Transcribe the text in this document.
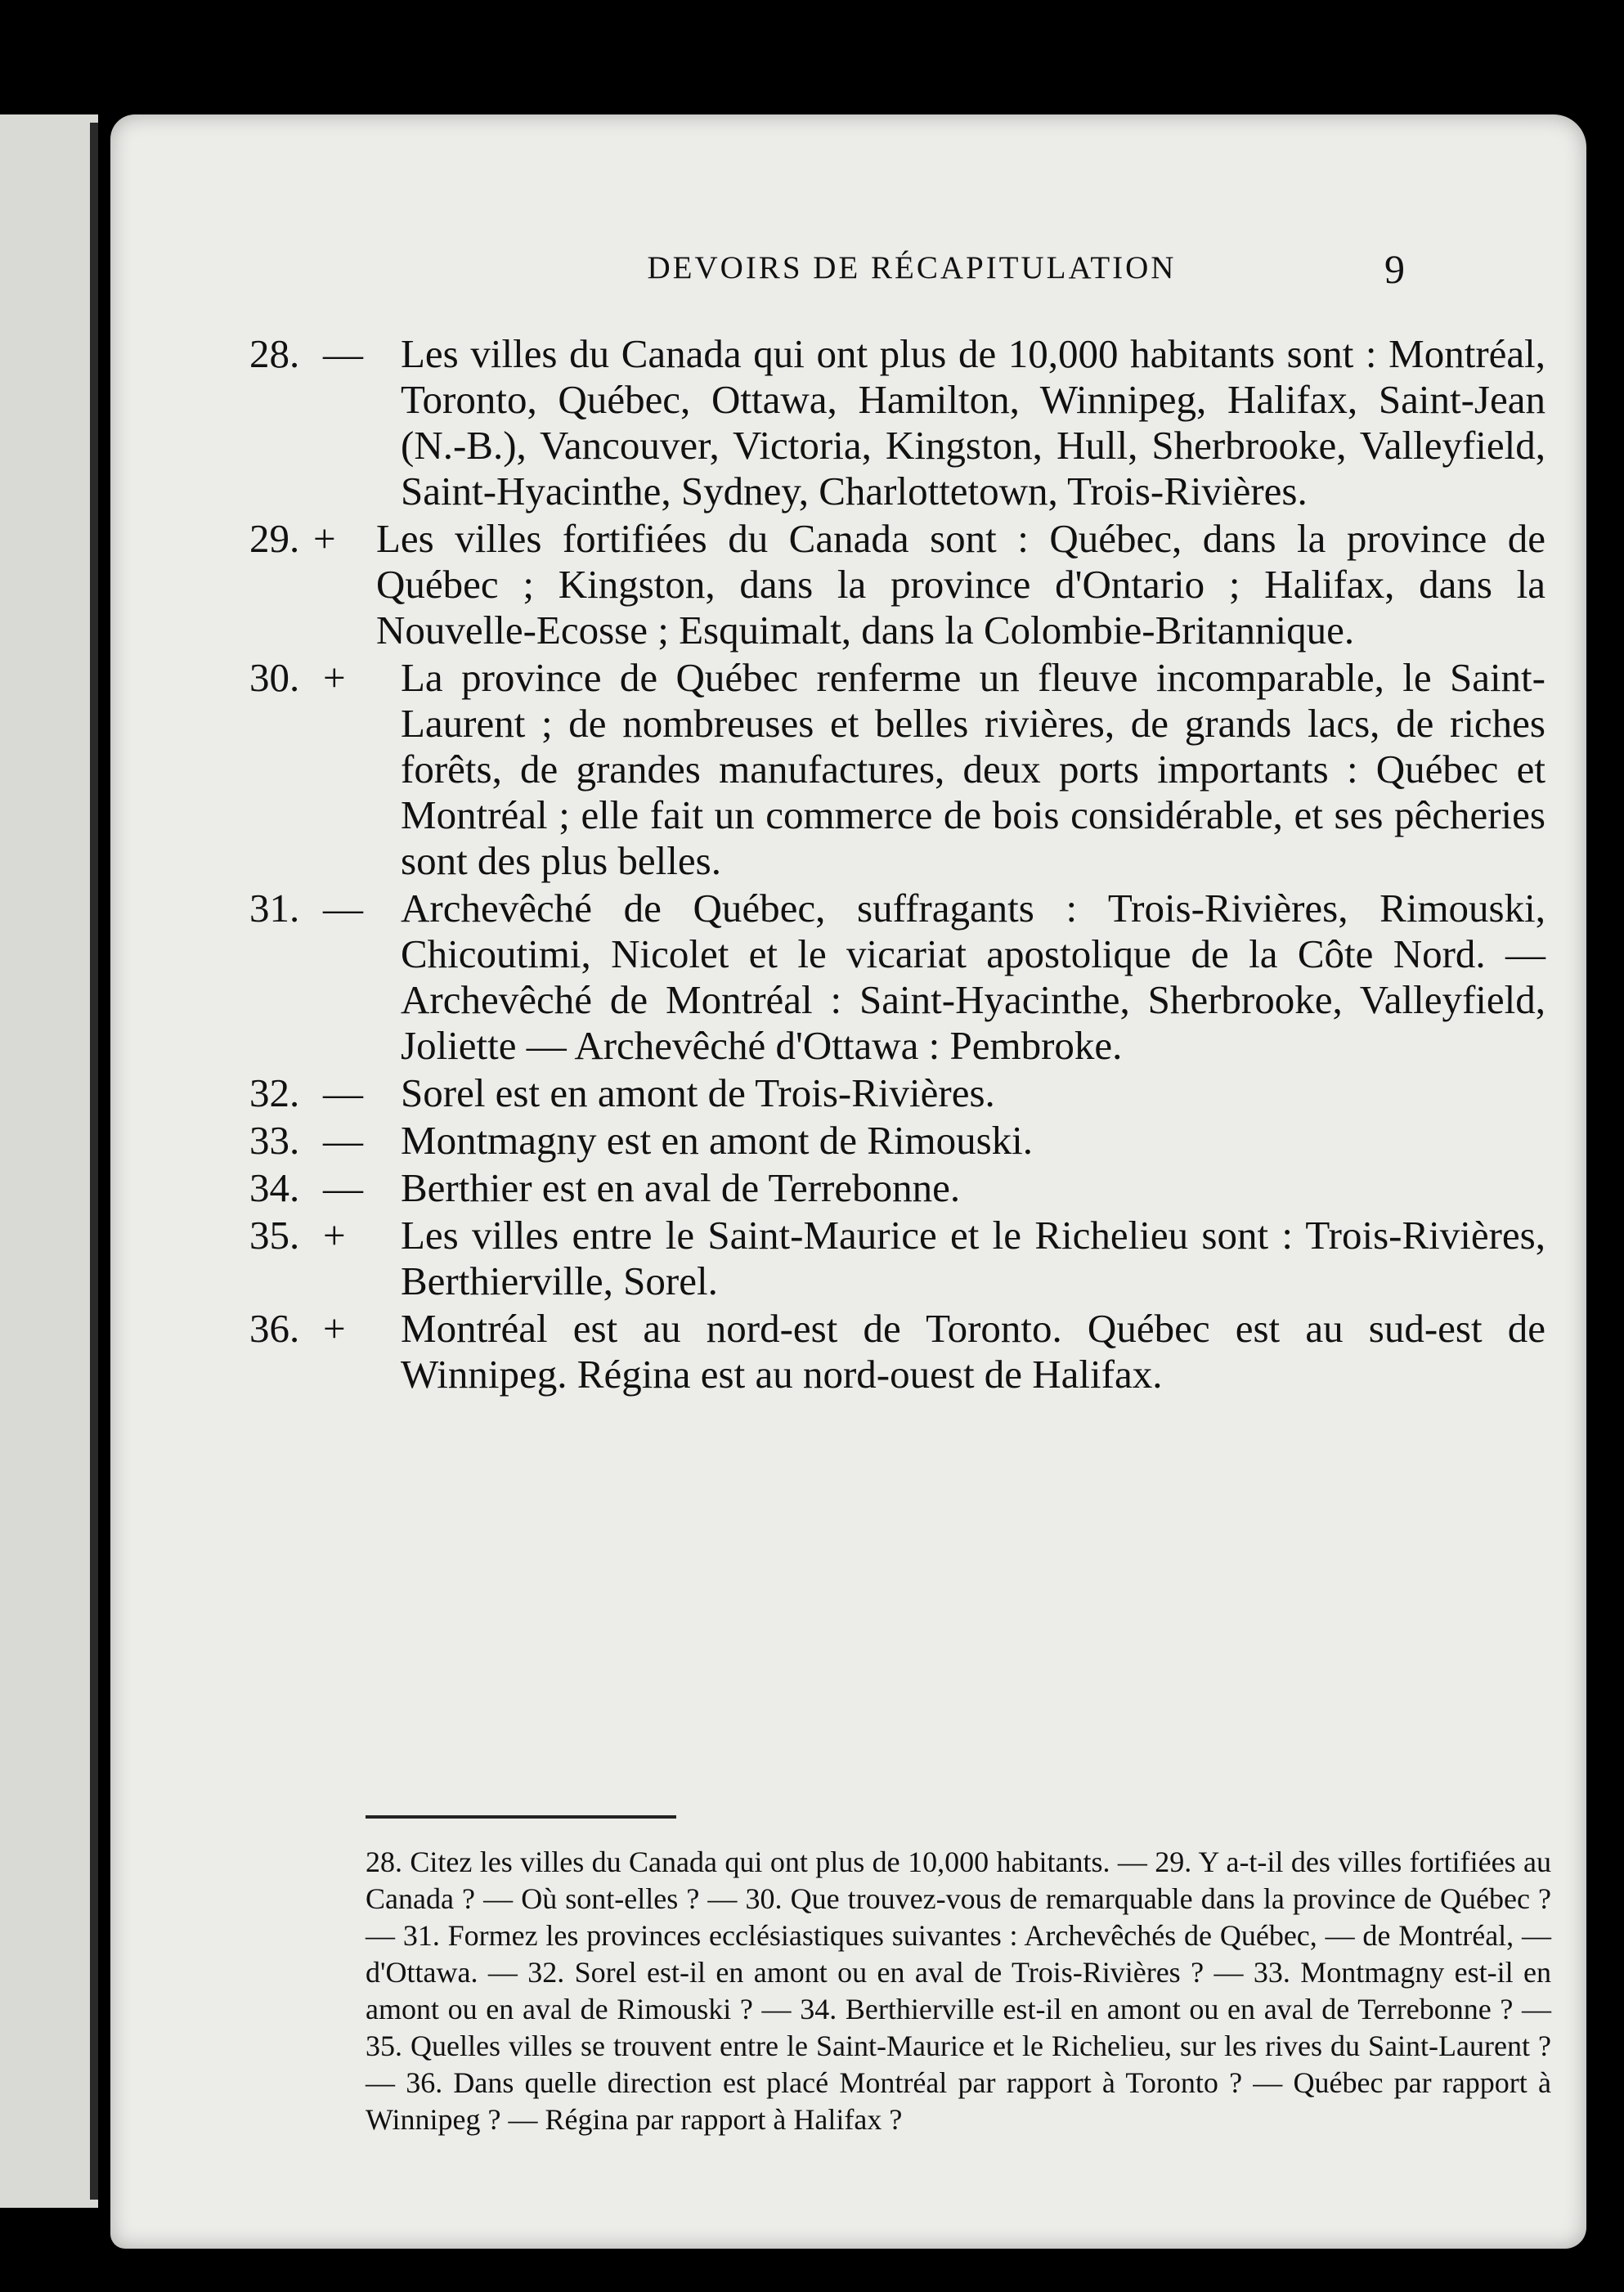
DEVOIRS DE RÉCAPITULATION	9
28. — Les villes du Canada qui ont plus de 10,000 habitants sont : Montréal, Toronto, Québec, Ottawa, Hamilton, Winnipeg, Halifax, Saint-Jean (N.-B.), Vancouver, Victoria, Kingston, Hull, Sherbrooke, Valleyfield, Saint-Hyacinthe, Sydney, Charlottetown, Trois-Rivières.
29. + Les villes fortifiées du Canada sont : Québec, dans la province de Québec ; Kingston, dans la province d'Ontario ; Halifax, dans la Nouvelle-Ecosse ; Esquimalt, dans la Colombie-Britannique.
30. + La province de Québec renferme un fleuve incomparable, le Saint-Laurent ; de nombreuses et belles rivières, de grands lacs, de riches forêts, de grandes manufactures, deux ports importants : Québec et Montréal ; elle fait un commerce de bois considérable, et ses pêcheries sont des plus belles.
31. — Archevêché de Québec, suffragants : Trois-Rivières, Rimouski, Chicoutimi, Nicolet et le vicariat apostolique de la Côte Nord. — Archevêché de Montréal : Saint-Hyacinthe, Sherbrooke, Valleyfield, Joliette — Archevêché d'Ottawa : Pembroke.
32. — Sorel est en amont de Trois-Rivières.
33. — Montmagny est en amont de Rimouski.
34. — Berthier est en aval de Terrebonne.
35. + Les villes entre le Saint-Maurice et le Richelieu sont : Trois-Rivières, Berthierville, Sorel.
36. + Montréal est au nord-est de Toronto. Québec est au sud-est de Winnipeg. Régina est au nord-ouest de Halifax.
28. Citez les villes du Canada qui ont plus de 10,000 habitants. — 29. Y a-t-il des villes fortifiées au Canada ? — Où sont-elles ? — 30. Que trouvez-vous de remarquable dans la province de Québec ? — 31. Formez les provinces ecclésiastiques suivantes : Archevêchés de Québec, — de Montréal, — d'Ottawa. — 32. Sorel est-il en amont ou en aval de Trois-Rivières ? — 33. Montmagny est-il en amont ou en aval de Rimouski ? — 34. Berthierville est-il en amont ou en aval de Terrebonne ? — 35. Quelles villes se trouvent entre le Saint-Maurice et le Richelieu, sur les rives du Saint-Laurent ? — 36. Dans quelle direction est placé Montréal par rapport à Toronto ? — Québec par rapport à Winnipeg ? — Régina par rapport à Halifax ?
